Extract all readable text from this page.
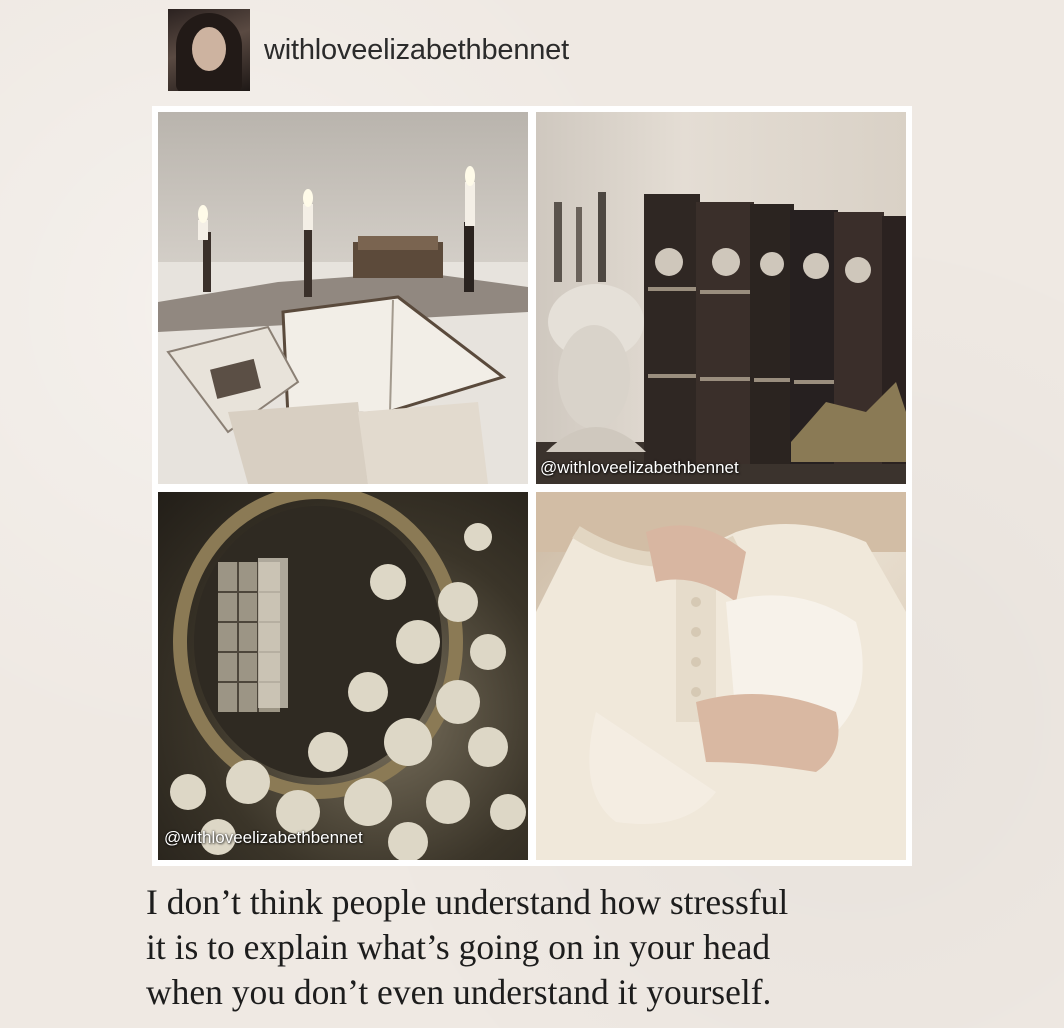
withloveelizabethbennet
@withloveelizabethbennet
@withloveelizabethbennet
I don’t think people understand how stressful
it is to explain what’s going on in your head
when you don’t even understand it yourself.
